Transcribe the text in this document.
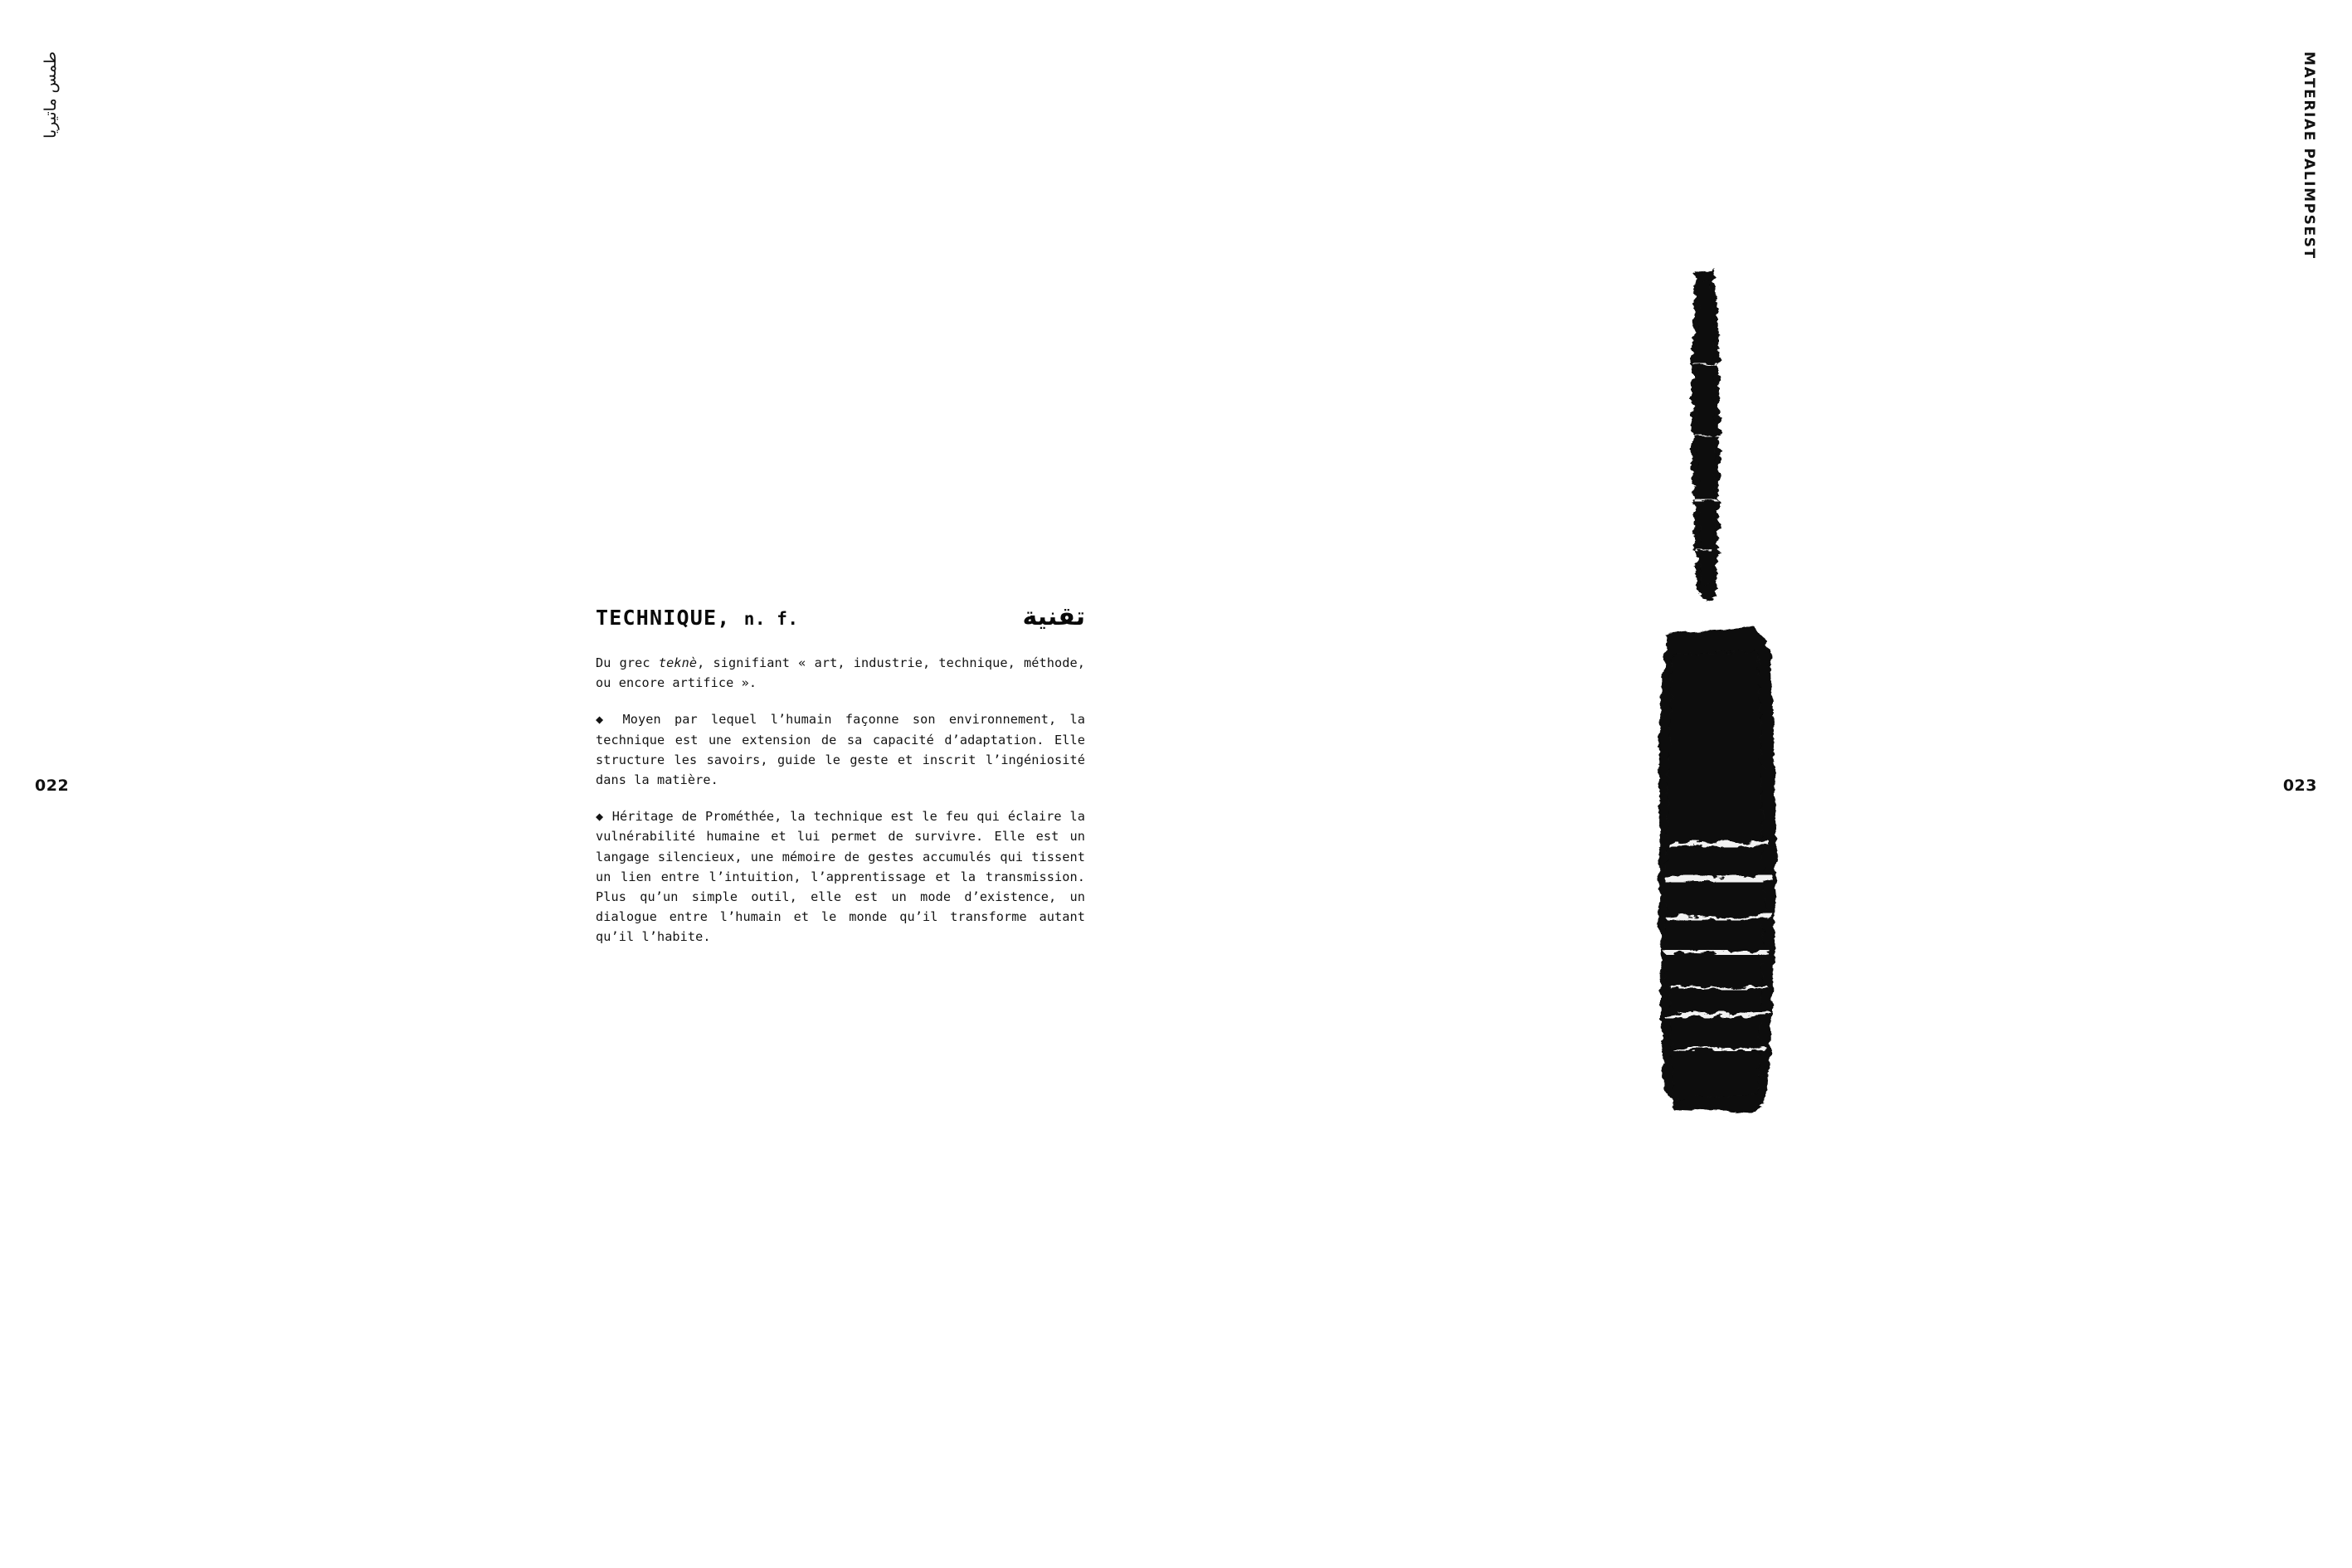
طمس ماتيريا
022
TECHNIQUE, n. f.	تقنية

Du grec teknè, signifiant « art, industrie, technique, méthode, ou encore artifice ».

◆ Moyen par lequel l’humain façonne son environnement, la technique est une extension de sa capacité d’adaptation. Elle structure les savoirs, guide le geste et inscrit l’ingéniosité dans la matière.

◆ Héritage de Prométhée, la technique est le feu qui éclaire la vulnérabilité humaine et lui permet de survivre. Elle est un langage silencieux, une mémoire de gestes accumulés qui tissent un lien entre l’intuition, l’apprentissage et la transmission. Plus qu’un simple outil, elle est un mode d’existence, un dialogue entre l’humain et le monde qu’il transforme autant qu’il l’habite.

MATERIAE PALIMPSEST
023
